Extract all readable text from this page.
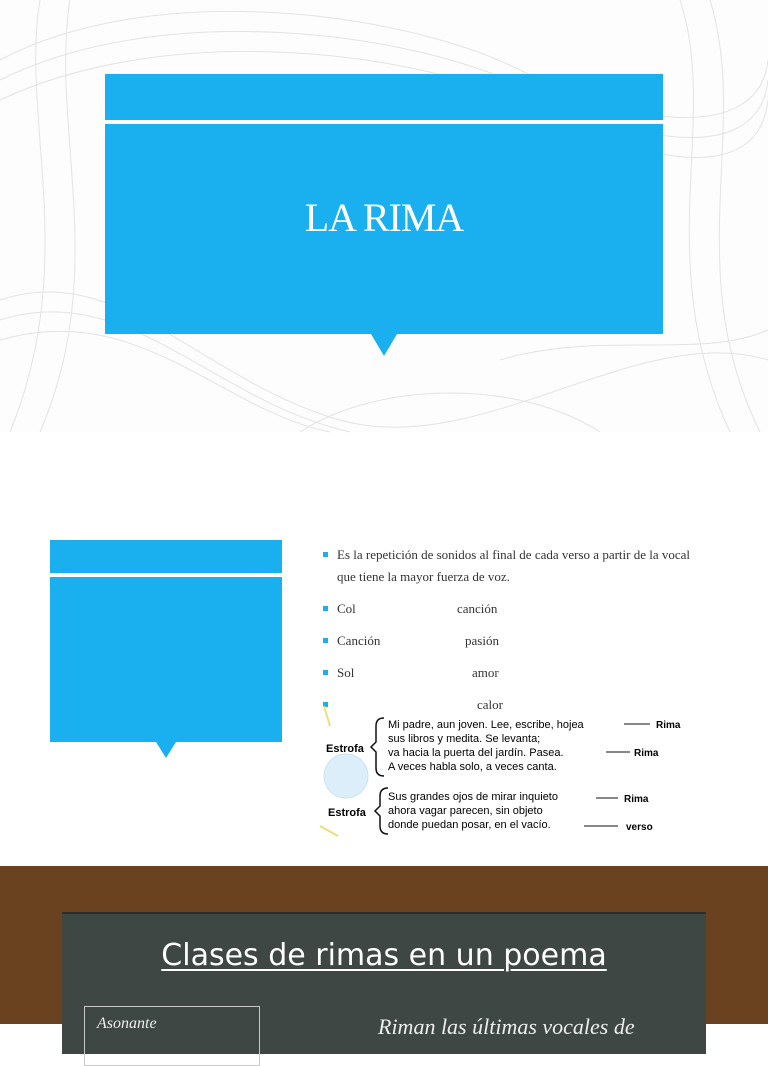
LA RIMA
Es la repetición de sonidos al final de cada verso a partir de la vocal que tiene la mayor fuerza de voz.
Col	canción
Canción	pasión
Sol	amor
calor
Estrofa
Mi padre, aun joven. Lee, escribe, hojea
sus libros y medita. Se levanta;
va hacia la puerta del jardín. Pasea.
A veces habla solo, a veces canta.
Rima
Rima
Estrofa
Sus grandes ojos de mirar inquieto
ahora vagar parecen, sin objeto
donde puedan posar, en el vacío.
Rima
verso
Clases de rimas en un poema
Asonante	Riman las últimas vocales de
